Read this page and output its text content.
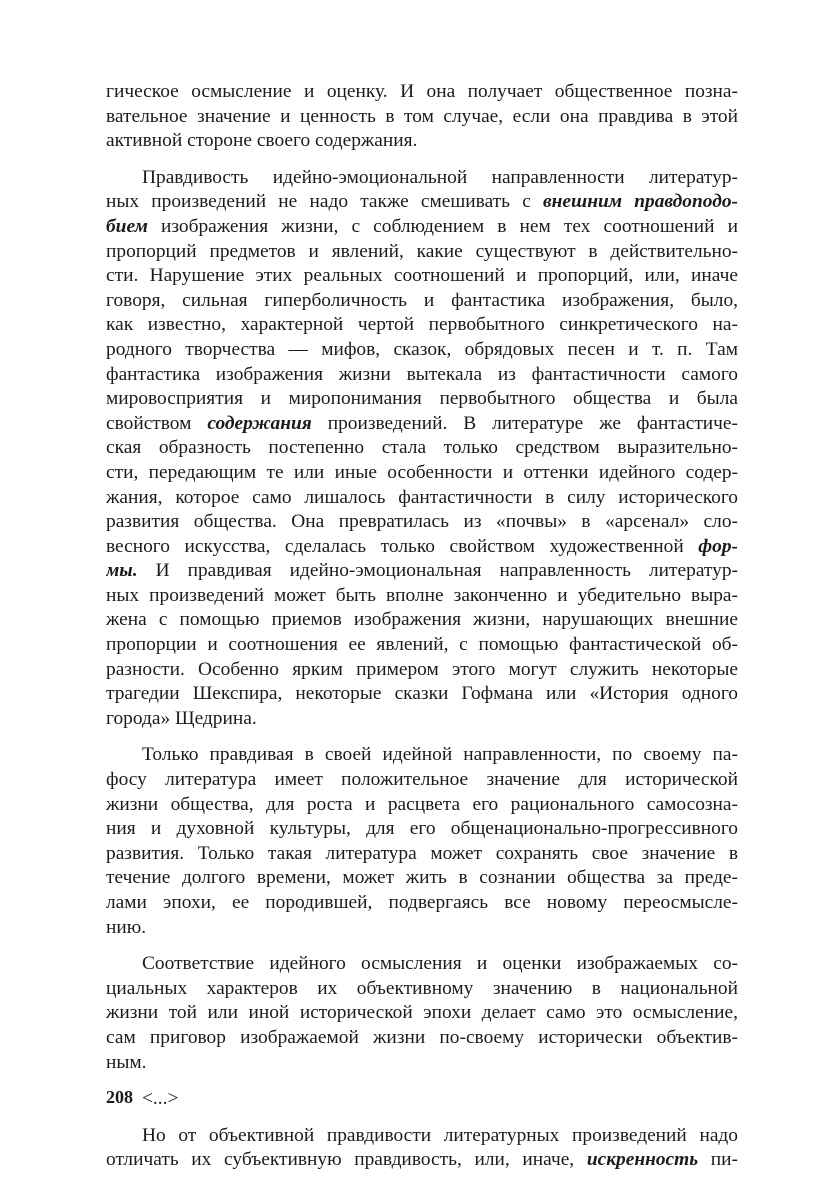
гическое осмысление и оценку. И она получает общественное позна-
вательное значение и ценность в том случае, если она правдива в этой
активной стороне своего содержания.
Правдивость идейно-эмоциональной направленности литератур-
ных произведений не надо также смешивать с внешним правдоподо-
бием изображения жизни, с соблюдением в нем тех соотношений и
пропорций предметов и явлений, какие существуют в действительно-
сти. Нарушение этих реальных соотношений и пропорций, или, иначе
говоря, сильная гиперболичность и фантастика изображения, было,
как известно, характерной чертой первобытного синкретического на-
родного творчества — мифов, сказок, обрядовых песен и т. п. Там
фантастика изображения жизни вытекала из фантастичности самого
мировосприятия и миропонимания первобытного общества и была
свойством содержания произведений. В литературе же фантастиче-
ская образность постепенно стала только средством выразительно-
сти, передающим те или иные особенности и оттенки идейного содер-
жания, которое само лишалось фантастичности в силу исторического
развития общества. Она превратилась из «почвы» в «арсенал» сло-
весного искусства, сделалась только свойством художественной фор-
мы. И правдивая идейно-эмоциональная направленность литератур-
ных произведений может быть вполне законченно и убедительно выра-
жена с помощью приемов изображения жизни, нарушающих внешние
пропорции и соотношения ее явлений, с помощью фантастической об-
разности. Особенно ярким примером этого могут служить некоторые
трагедии Шекспира, некоторые сказки Гофмана или «История одного
города» Щедрина.
Только правдивая в своей идейной направленности, по своему па-
фосу литература имеет положительное значение для исторической
жизни общества, для роста и расцвета его рационального самосозна-
ния и духовной культуры, для его общенационально-прогрессивного
развития. Только такая литература может сохранять свое значение в
течение долгого времени, может жить в сознании общества за преде-
лами эпохи, ее породившей, подвергаясь все новому переосмысле-
нию.
Соответствие идейного осмысления и оценки изображаемых со-
циальных характеров их объективному значению в национальной
жизни той или иной исторической эпохи делает само это осмысление,
сам приговор изображаемой жизни по-своему исторически объектив-
ным.
<...>
Но от объективной правдивости литературных произведений надо
отличать их субъективную правдивость, или, иначе, искренность пи-
208
